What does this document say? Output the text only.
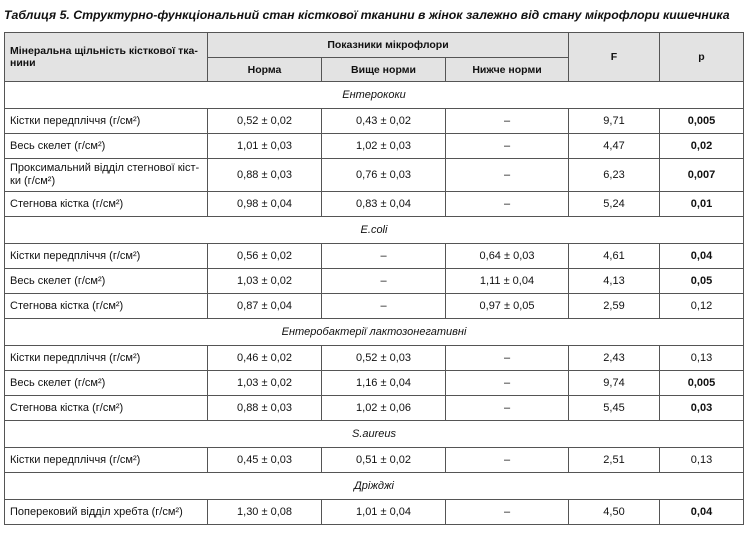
Таблиця 5. Структурно-функціональний стан кісткової тканини в жінок залежно від стану мікрофлори кишечника
Мінеральна щільність кісткової тка-
нини	Показники мікрофлори			F	p
	Норма	Вище норми	Нижче норми		
Ентерококи					
Кістки передпліччя (г/см²)	0,52 ± 0,02	0,43 ± 0,02	–	9,71	0,005
Весь скелет (г/см²)	1,01 ± 0,03	1,02 ± 0,03	–	4,47	0,02
Проксимальний відділ стегнової кіст-
ки (г/см²)	0,88 ± 0,03	0,76 ± 0,03	–	6,23	0,007
Стегнова кістка (г/см²)	0,98 ± 0,04	0,83 ± 0,04	–	5,24	0,01
E.coli					
Кістки передпліччя (г/см²)	0,56 ± 0,02	–	0,64 ± 0,03	4,61	0,04
Весь скелет (г/см²)	1,03 ± 0,02	–	1,11 ± 0,04	4,13	0,05
Стегнова кістка (г/см²)	0,87 ± 0,04	–	0,97 ± 0,05	2,59	0,12
Ентеробактерії лактозонегативні					
Кістки передпліччя (г/см²)	0,46 ± 0,02	0,52 ± 0,03	–	2,43	0,13
Весь скелет (г/см²)	1,03 ± 0,02	1,16 ± 0,04	–	9,74	0,005
Стегнова кістка (г/см²)	0,88 ± 0,03	1,02 ± 0,06	–	5,45	0,03
S.aureus					
Кістки передпліччя (г/см²)	0,45 ± 0,03	0,51 ± 0,02	–	2,51	0,13
Дріжджі					
Поперековий відділ хребта (г/см²)	1,30 ± 0,08	1,01 ± 0,04	–	4,50	0,04
